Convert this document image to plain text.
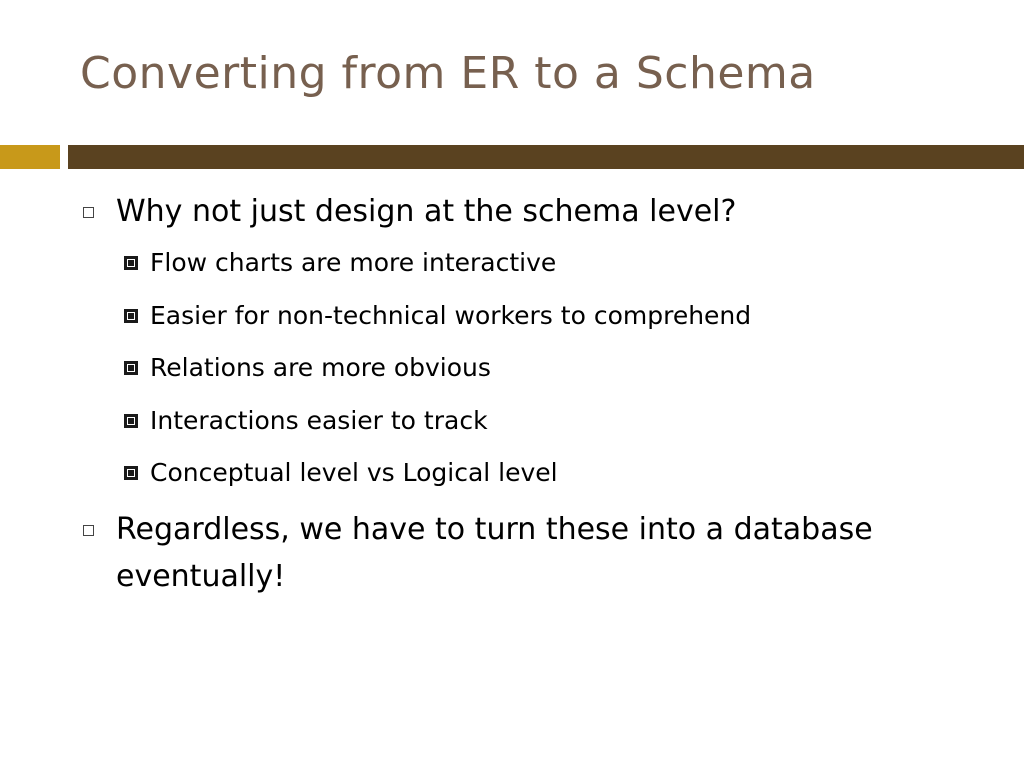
Converting from ER to a Schema
Why not just design at the schema level?
Flow charts are more interactive
Easier for non-technical workers to comprehend
Relations are more obvious
Interactions easier to track
Conceptual level vs Logical level
Regardless, we have to turn these into a database eventually!
